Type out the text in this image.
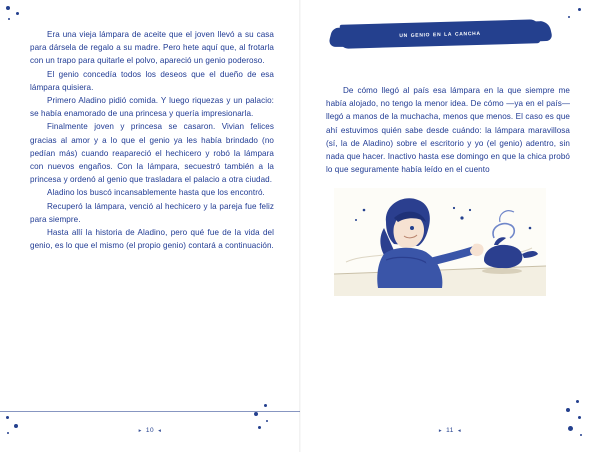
Era una vieja lámpara de aceite que el joven llevó a su casa para dársela de regalo a su madre. Pero hete aquí que, al frotarla con un trapo para quitarle el polvo, apareció un genio poderoso.

El genio concedía todos los deseos que el dueño de esa lámpara quisiera.

Primero Aladino pidió comida. Y luego riquezas y un palacio: se había enamorado de una princesa y quería impresionarla.

Finalmente joven y princesa se casaron. Vivian felices gracias al amor y a lo que el genio ya les había brindado (no pedían más) cuando reapareció el hechicero y robó la lámpara con nuevos engaños. Con la lámpara, secuestró también a la princesa y ordenó al genio que trasladara el palacio a otra ciudad.

Aladino los buscó incansablemente hasta que los encontró.

Recuperó la lámpara, venció al hechicero y la pareja fue feliz para siempre.

Hasta allí la historia de Aladino, pero qué fue de la vida del genio, es lo que el mismo (el propio genio) contará a continuación.

▸ 10 ◂
un genio en la cancha

De cómo llegó al país esa lámpara en la que siempre me había alojado, no tengo la menor idea. De cómo —ya en el país— llegó a manos de la muchacha, menos que menos. El caso es que ahí estuvimos quién sabe desde cuándo: la lámpara maravillosa (sí, la de Aladino) sobre el escritorio y yo (el genio) adentro, sin nada que hacer. Inactivo hasta ese domingo en que la chica probó lo que seguramente había leído en el cuento

▸ 11 ◂
